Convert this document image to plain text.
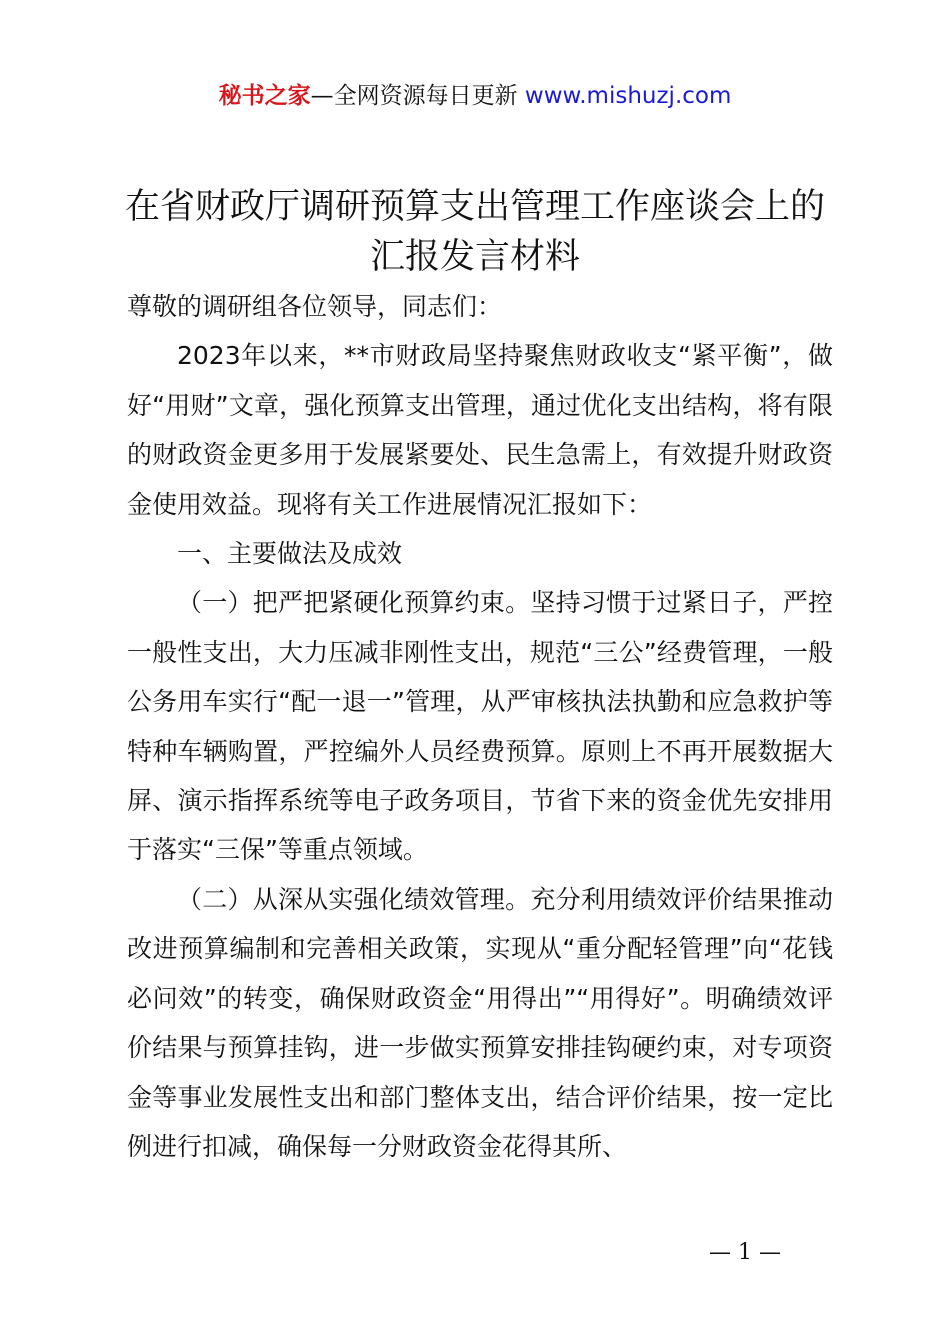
秘书之家—全网资源每日更新 www.mishuzj.com
在省财政厅调研预算支出管理工作座谈会上的
汇报发言材料

尊敬的调研组各位领导，同志们：

2023年以来，**市财政局坚持聚焦财政收支“紧平衡”，做好“用财”文章，强化预算支出管理，通过优化支出结构，将有限的财政资金更多用于发展紧要处、民生急需上，有效提升财政资金使用效益。现将有关工作进展情况汇报如下：

一、主要做法及成效

（一）把严把紧硬化预算约束。坚持习惯于过紧日子，严控一般性支出，大力压减非刚性支出，规范“三公”经费管理，一般公务用车实行“配一退一”管理，从严审核执法执勤和应急救护等特种车辆购置，严控编外人员经费预算。原则上不再开展数据大屏、演示指挥系统等电子政务项目，节省下来的资金优先安排用于落实“三保”等重点领域。

（二）从深从实强化绩效管理。充分利用绩效评价结果推动改进预算编制和完善相关政策，实现从“重分配轻管理”向“花钱必问效”的转变，确保财政资金“用得出”“用得好”。明确绩效评价结果与预算挂钩，进一步做实预算安排挂钩硬约束，对专项资金等事业发展性支出和部门整体支出，结合评价结果，按一定比例进行扣减，确保每一分财政资金花得其所、

— 1 —
